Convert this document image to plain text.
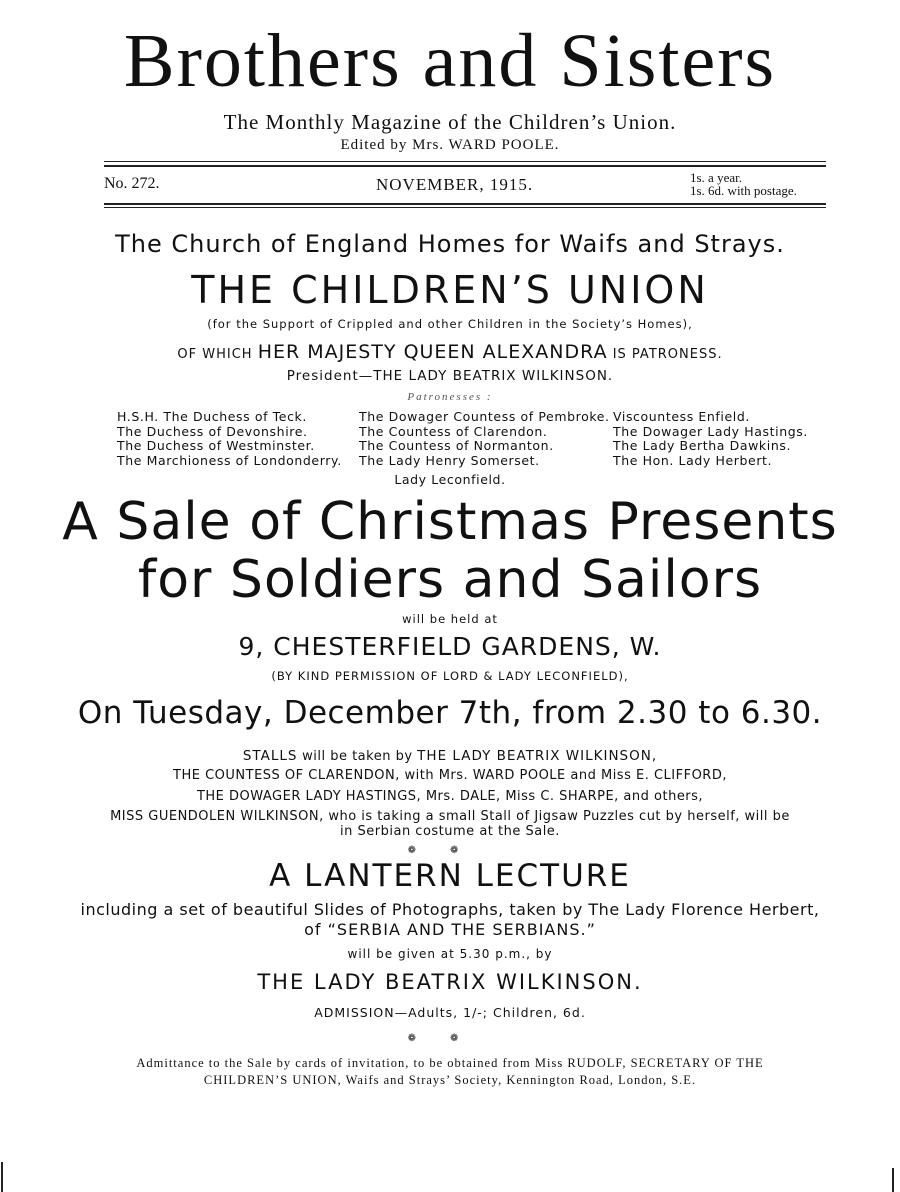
Brothers and Sisters
The Monthly Magazine of the Children’s Union.
Edited by Mrs. WARD POOLE.
No. 272.	NOVEMBER, 1915.	1s. a year.
1s. 6d. with postage.
The Church of England Homes for Waifs and Strays.
THE CHILDREN’S UNION
(for the Support of Crippled and other Children in the Society’s Homes),
OF WHICH HER MAJESTY QUEEN ALEXANDRA IS PATRONESS.
President—THE LADY BEATRIX WILKINSON.
Patronesses :
H.S.H. The Duchess of Teck.
The Duchess of Devonshire.
The Duchess of Westminster.
The Marchioness of Londonderry.
The Dowager Countess of Pembroke.
The Countess of Clarendon.
The Countess of Normanton.
The Lady Henry Somerset.
Viscountess Enfield.
The Dowager Lady Hastings.
The Lady Bertha Dawkins.
The Hon. Lady Herbert.
Lady Leconfield.
A Sale of Christmas Presents
for Soldiers and Sailors
will be held at
9, CHESTERFIELD GARDENS, W.
(BY KIND PERMISSION OF LORD & LADY LECONFIELD),
On Tuesday, December 7th, from 2.30 to 6.30.
STALLS will be taken by THE LADY BEATRIX WILKINSON,
THE COUNTESS OF CLARENDON, with Mrs. WARD POOLE and Miss E. CLIFFORD,
THE DOWAGER LADY HASTINGS, Mrs. DALE, Miss C. SHARPE, and others,
MISS GUENDOLEN WILKINSON, who is taking a small Stall of Jigsaw Puzzles cut by herself, will be
in Serbian costume at the Sale.
❁❁
A LANTERN LECTURE
including a set of beautiful Slides of Photographs, taken by The Lady Florence Herbert,
of “SERBIA AND THE SERBIANS.”
will be given at 5.30 p.m., by
THE LADY BEATRIX WILKINSON.
ADMISSION—Adults, 1/-; Children, 6d.
❁❁
Admittance to the Sale by cards of invitation, to be obtained from Miss RUDOLF, SECRETARY OF THE
CHILDREN’S UNION, Waifs and Strays’ Society, Kennington Road, London, S.E.
